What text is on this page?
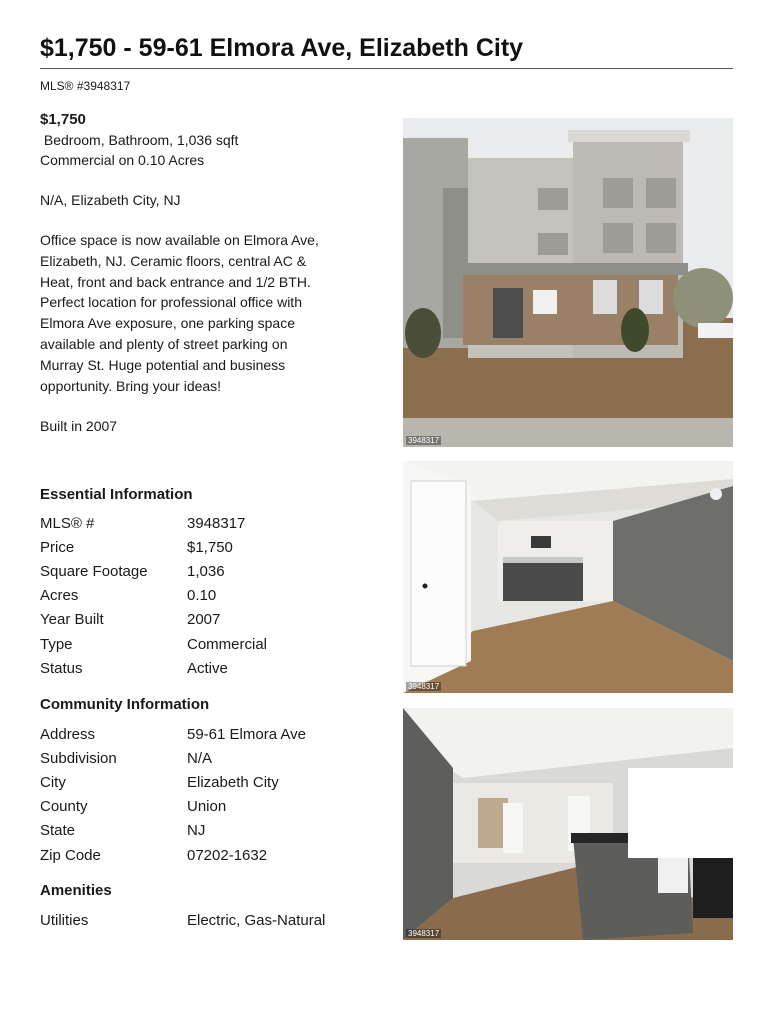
$1,750 - 59-61 Elmora Ave, Elizabeth City
MLS® #3948317
$1,750
Bedroom, Bathroom, 1,036 sqft
Commercial on 0.10 Acres
N/A, Elizabeth City, NJ

Office space is now available on Elmora Ave,
Elizabeth, NJ. Ceramic floors, central AC &
Heat, front and back entrance and 1/2 BTH.
Perfect location for professional office with
Elmora Ave exposure, one parking space
available and plenty of street parking on
Murray St. Huge potential and business
opportunity. Bring your ideas!

Built in 2007
Essential Information
MLS® #	3948317
Price	$1,750
Square Footage	1,036
Acres	0.10
Year Built	2007
Type	Commercial
Status	Active
Community Information
Address	59-61 Elmora Ave
Subdivision	N/A
City	Elizabeth City
County	Union
State	NJ
Zip Code	07202-1632
Amenities
Utilities	Electric, Gas-Natural
3948317
3948317
3948317
